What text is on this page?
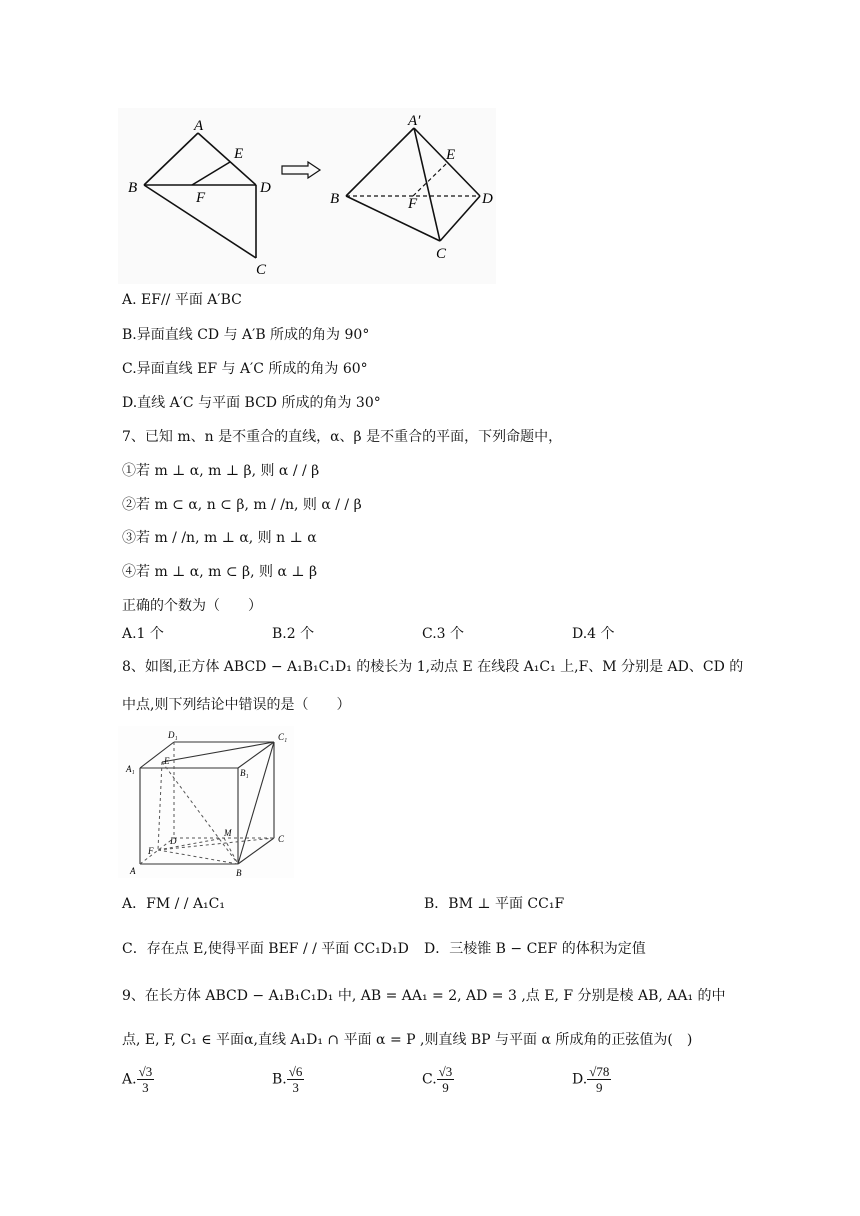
A
E
B
F
D
C
A′
E
B	F	D
C
A. EF// 平面 A′BC
B.异面直线 CD 与 A′B 所成的角为 90°
C.异面直线 EF 与 A′C 所成的角为 60°
D.直线 A′C 与平面 BCD 所成的角为 30°
7、已知 m、n 是不重合的直线，α、β 是不重合的平面，下列命题中，
①若 m ⊥ α, m ⊥ β, 则 α / / β
②若 m ⊂ α, n ⊂ β, m / /n, 则 α / / β
③若 m / /n, m ⊥ α, 则 n ⊥ α
④若 m ⊥ α, m ⊂ β, 则 α ⊥ β
正确的个数为（　　）
A.1 个	B.2 个	C.3 个	D.4 个
8、如图,正方体 ABCD − A₁B₁C₁D₁ 的棱长为 1,动点 E 在线段 A₁C₁ 上,F、M 分别是 AD、CD 的
中点,则下列结论中错误的是（　　）
D₁	C₁
A₁	B₁
E
M
D	C
F
A	B
A．FM / / A₁C₁	B．BM ⊥ 平面 CC₁F
C．存在点 E,使得平面 BEF / / 平面 CC₁D₁D D．三棱锥 B − CEF 的体积为定值
9、在长方体 ABCD − A₁B₁C₁D₁ 中, AB = AA₁ = 2, AD = 3 ,点 E, F 分别是棱 AB, AA₁ 的中
点, E, F, C₁ ∈ 平面α,直线 A₁D₁ ∩ 平面 α = P ,则直线 BP 与平面 α 所成角的正弦值为(　)
A. $\frac{√3}{3}$	B. $\frac{√6}{3}$	C. $\frac{√3}{9}$	D. $\frac{√78}{9}$
